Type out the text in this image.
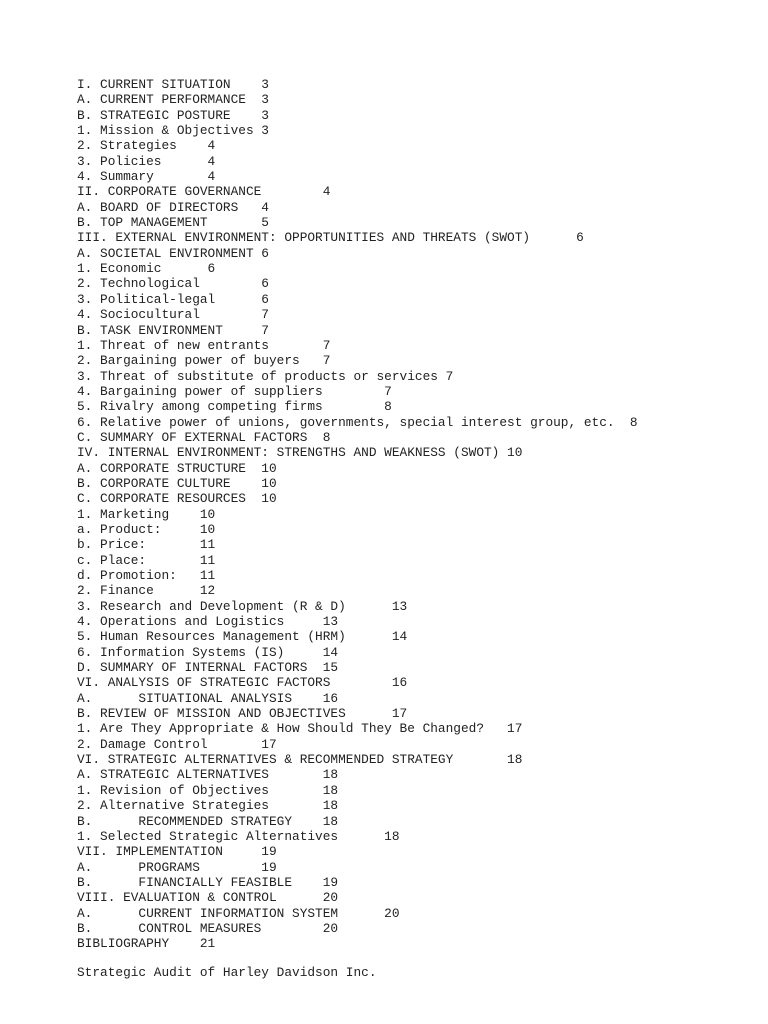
I. CURRENT SITUATION    3
A. CURRENT PERFORMANCE  3
B. STRATEGIC POSTURE    3
1. Mission & Objectives 3
2. Strategies    4
3. Policies      4
4. Summary       4
II. CORPORATE GOVERNANCE        4
A. BOARD OF DIRECTORS   4
B. TOP MANAGEMENT       5
III. EXTERNAL ENVIRONMENT: OPPORTUNITIES AND THREATS (SWOT)      6
A. SOCIETAL ENVIRONMENT 6
1. Economic      6
2. Technological        6
3. Political-legal      6
4. Sociocultural        7
B. TASK ENVIRONMENT     7
1. Threat of new entrants       7
2. Bargaining power of buyers   7
3. Threat of substitute of products or services 7
4. Bargaining power of suppliers        7
5. Rivalry among competing firms        8
6. Relative power of unions, governments, special interest group, etc.  8
C. SUMMARY OF EXTERNAL FACTORS  8
IV. INTERNAL ENVIRONMENT: STRENGTHS AND WEAKNESS (SWOT) 10
A. CORPORATE STRUCTURE  10
B. CORPORATE CULTURE    10
C. CORPORATE RESOURCES  10
1. Marketing    10
a. Product:     10
b. Price:       11
c. Place:       11
d. Promotion:   11
2. Finance      12
3. Research and Development (R & D)      13
4. Operations and Logistics     13
5. Human Resources Management (HRM)      14
6. Information Systems (IS)     14
D. SUMMARY OF INTERNAL FACTORS  15
VI. ANALYSIS OF STRATEGIC FACTORS        16
A.      SITUATIONAL ANALYSIS    16
B. REVIEW OF MISSION AND OBJECTIVES      17
1. Are They Appropriate & How Should They Be Changed?   17
2. Damage Control       17
VI. STRATEGIC ALTERNATIVES & RECOMMENDED STRATEGY       18
A. STRATEGIC ALTERNATIVES       18
1. Revision of Objectives       18
2. Alternative Strategies       18
B.      RECOMMENDED STRATEGY    18
1. Selected Strategic Alternatives      18
VII. IMPLEMENTATION     19
A.      PROGRAMS        19
B.      FINANCIALLY FEASIBLE    19
VIII. EVALUATION & CONTROL      20
A.      CURRENT INFORMATION SYSTEM      20
B.      CONTROL MEASURES        20
BIBLIOGRAPHY    21

Strategic Audit of Harley Davidson Inc.
